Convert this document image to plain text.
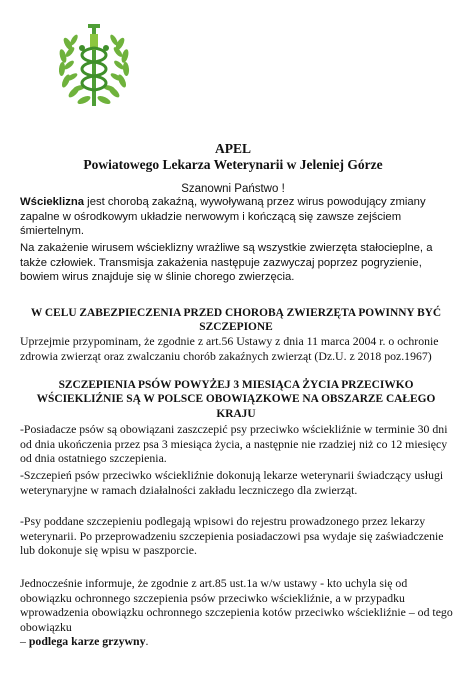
APEL
Powiatowego Lekarza Weterynarii w Jeleniej Górze
Szanowni Państwo !
Wścieklizna jest chorobą zakaźną, wywoływaną przez wirus powodujący zmiany zapalne w ośrodkowym układzie nerwowym i kończącą się zawsze zejściem śmiertelnym.
Na zakażenie wirusem wścieklizny wrażliwe są wszystkie zwierzęta stałocieplne, a także człowiek. Transmisja zakażenia następuje zazwyczaj poprzez pogryzienie, bowiem wirus znajduje się w ślinie chorego zwierzęcia.
W CELU ZABEZPIECZENIA PRZED CHOROBĄ ZWIERZĘTA POWINNY BYĆ SZCZEPIONE
Uprzejmie przypominam, że zgodnie z art.56 Ustawy z dnia 11 marca 2004 r. o ochronie zdrowia zwierząt oraz zwalczaniu chorób zakaźnych zwierząt (Dz.U. z 2018 poz.1967)
SZCZEPIENIA PSÓW POWYŻEJ 3 MIESIĄCA ŻYCIA PRZECIWKO WŚCIEKLIŹNIE SĄ W POLSCE OBOWIĄZKOWE NA OBSZARZE CAŁEGO KRAJU
-Posiadacze psów są obowiązani zaszczepić psy przeciwko wściekliźnie w terminie 30 dni od dnia ukończenia przez psa 3 miesiąca życia, a następnie nie rzadziej niż co 12 miesięcy od dnia ostatniego szczepienia.
-Szczepień psów przeciwko wściekliźnie dokonują lekarze weterynarii świadczący usługi weterynaryjne w ramach działalności zakładu leczniczego dla zwierząt.
-Psy poddane szczepieniu podlegają wpisowi do rejestru prowadzonego przez lekarzy weterynarii. Po przeprowadzeniu szczepienia posiadaczowi psa wydaje się zaświadczenie lub dokonuje się wpisu w paszporcie.
Jednocześnie informuje, że zgodnie z art.85 ust.1a w/w ustawy - kto uchyla się od obowiązku ochronnego szczepienia psów przeciwko wściekliźnie, a w przypadku wprowadzenia obowiązku ochronnego szczepienia kotów przeciwko wściekliźnie – od tego obowiązku
– podlega karze grzywny.
